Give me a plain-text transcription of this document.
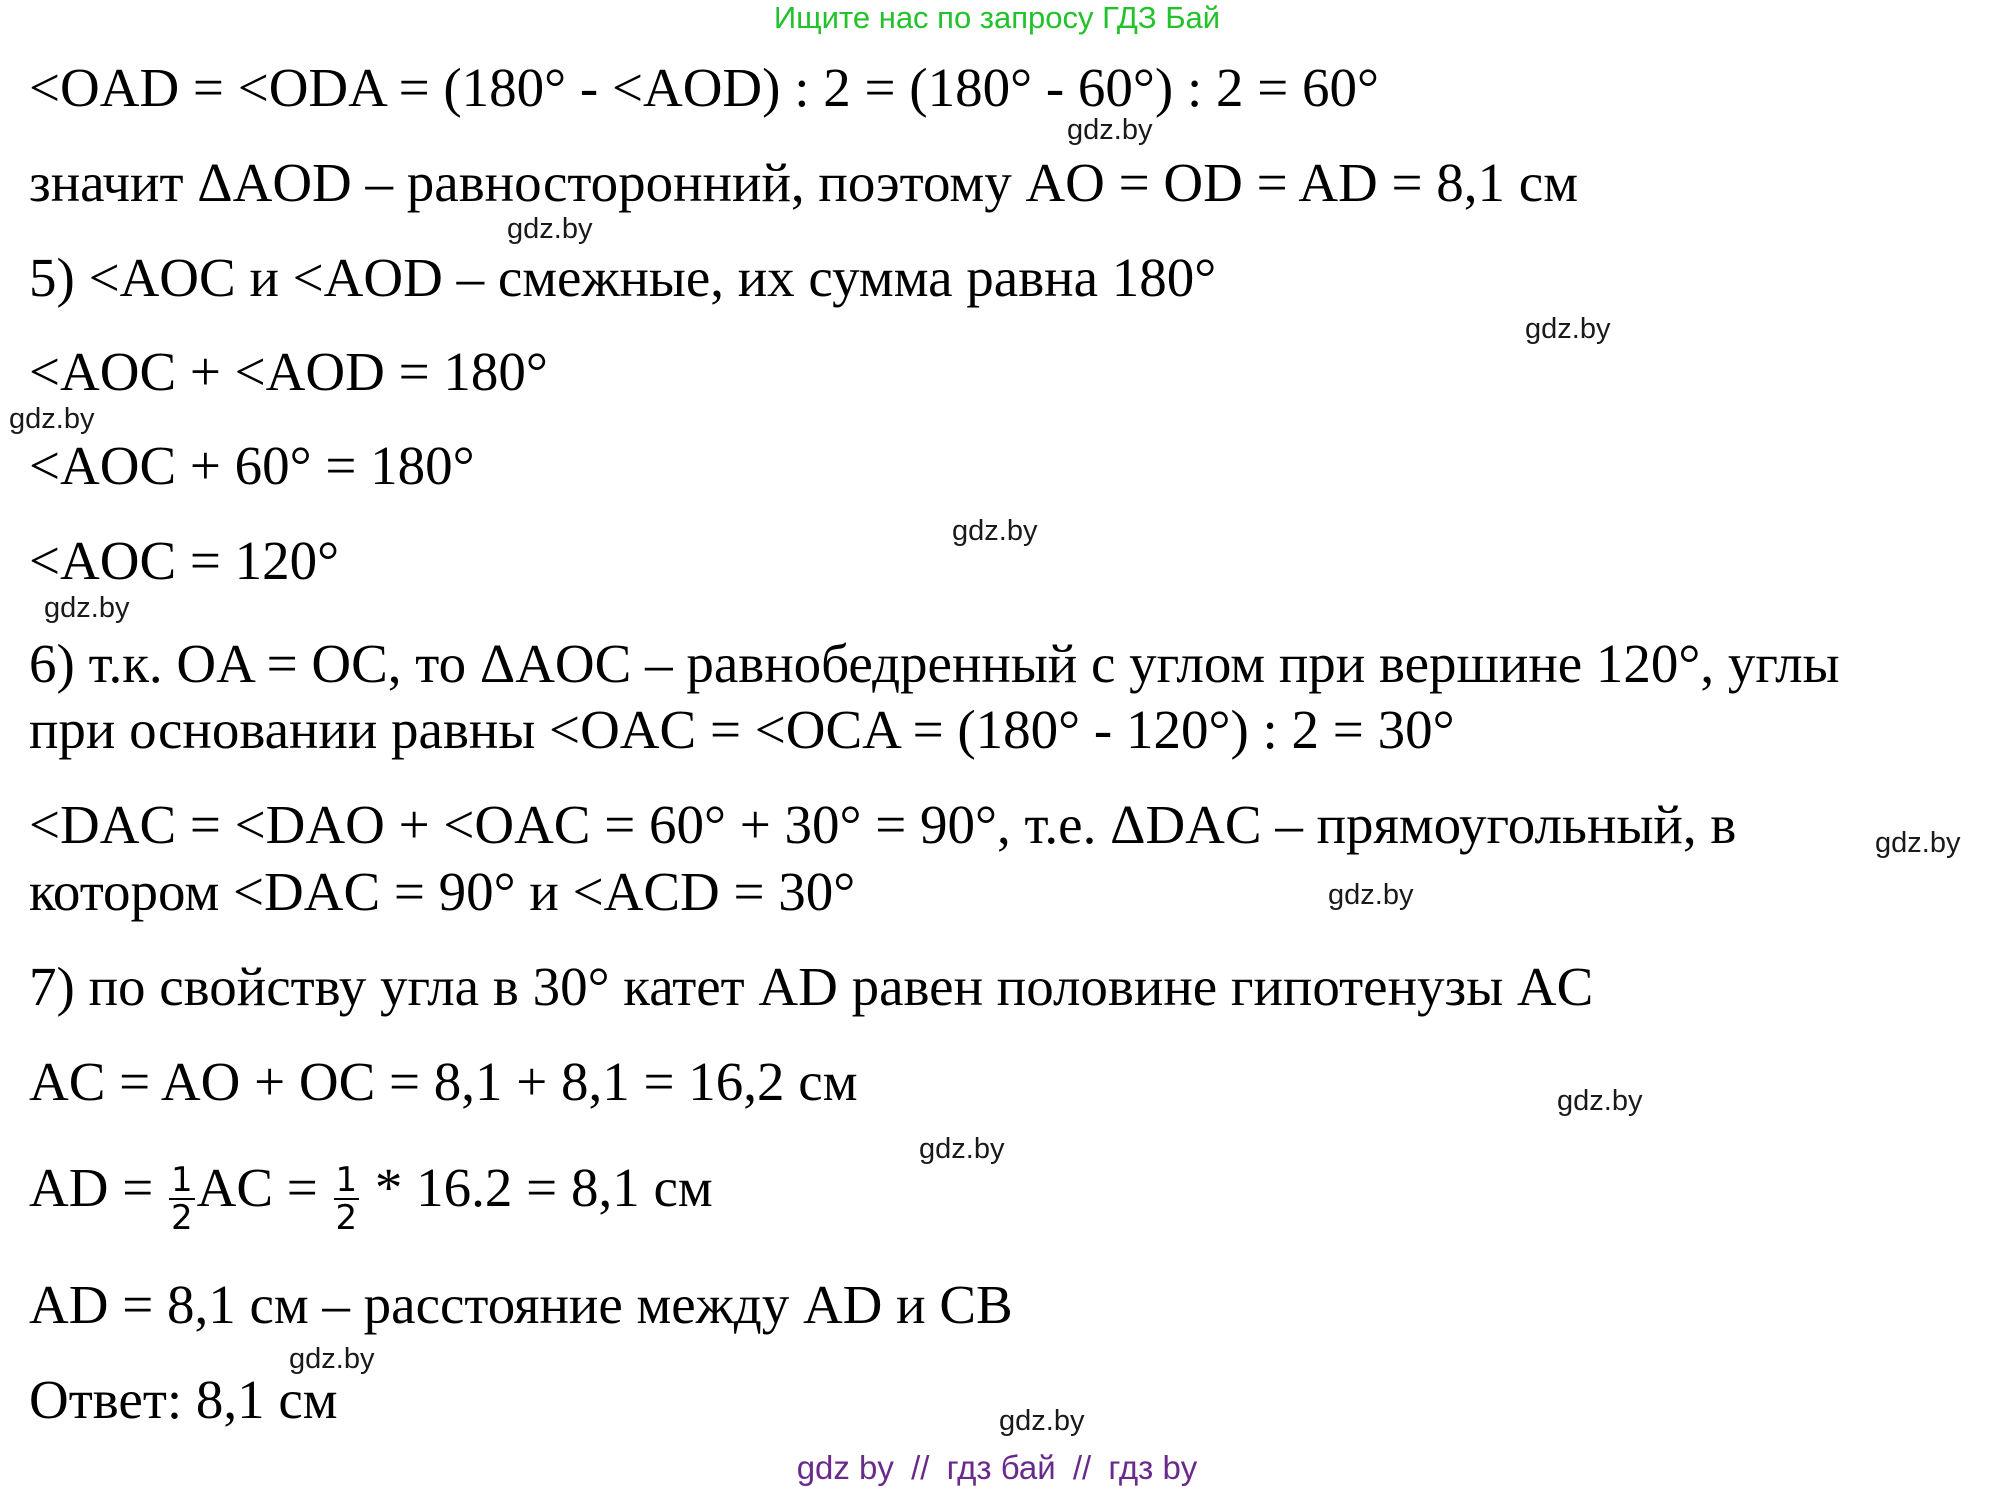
Ищите нас по запросу ГДЗ Бай
<OAD = <ODA = (180° - <AOD) : 2 = (180° - 60°) : 2 = 60°
значит ΔAOD – равносторонний, поэтому AO = OD = AD = 8,1 см
5) <AOC и <AOD – смежные, их сумма равна 180°
<AOC + <AOD = 180°
<AOC + 60° = 180°
<AOC = 120°
6) т.к. OA = OC, то ΔAOC – равнобедренный с углом при вершине 120°, углы
при основании равны <OAC = <OCA = (180° - 120°) : 2 = 30°
<DAC = <DAO + <OAC = 60° + 30° = 90°, т.е. ΔDAC – прямоугольный, в
котором <DAC = 90° и <ACD = 30°
7) по свойству угла в 30° катет AD равен половине гипотенузы AC
AC = AO + OC = 8,1 + 8,1 = 16,2 см
AD = $\frac{1}{2}$ AC = $\frac{1}{2} * 16.2 = 8,1$ см
AD = 8,1 см – расстояние между AD и CB
Ответ: 8,1 см
gdz.by
gdz.by
gdz.by
gdz.by
gdz.by
gdz.by
gdz.by
gdz.by
gdz.by
gdz.by
gdz.by
gdz.by
gdz by // гдз бай // гдз by
